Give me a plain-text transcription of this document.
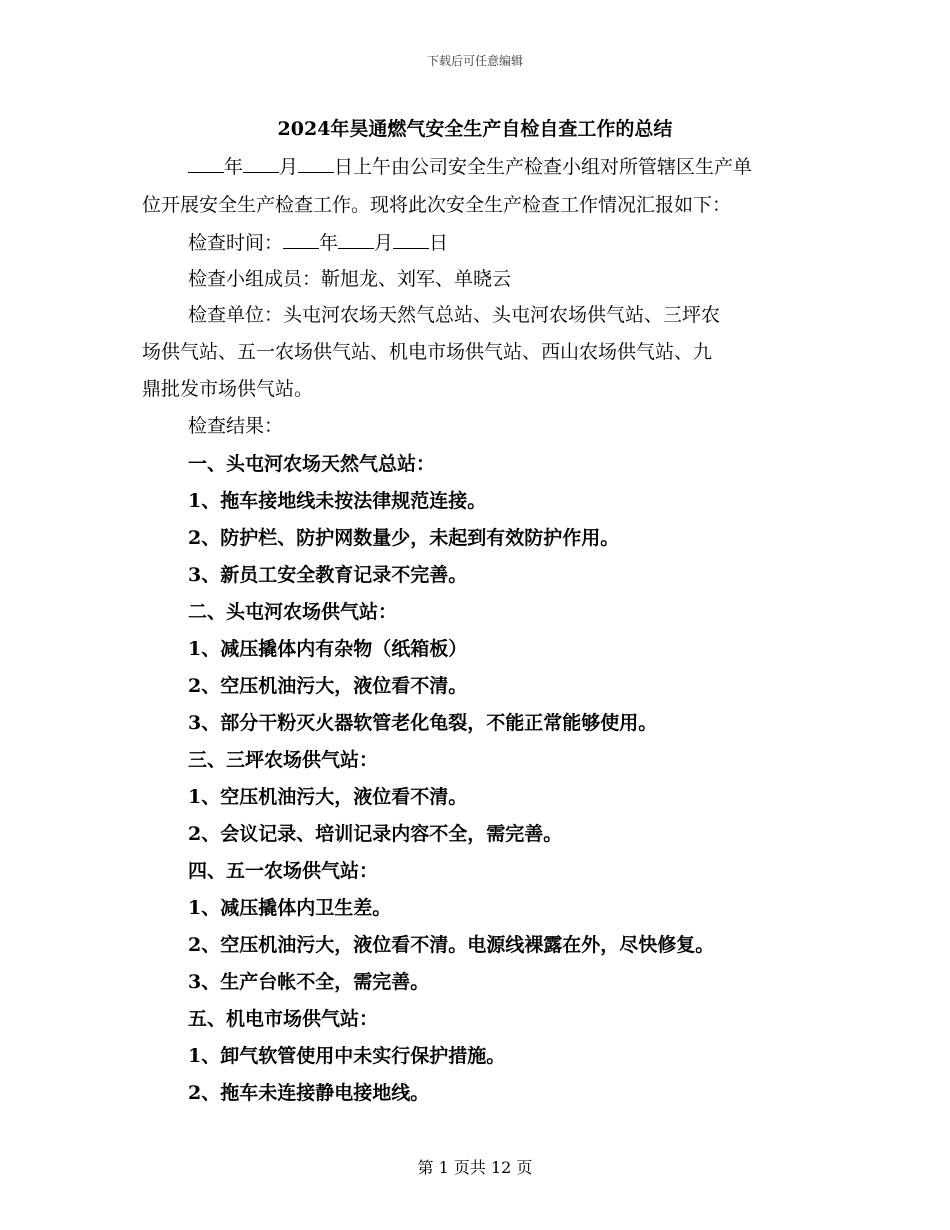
下载后可任意编辑
2024年昊通燃气安全生产自检自查工作的总结
年 月 日上午由公司安全生产检查小组对所管辖区生产单
位开展安全生产检查工作。现将此次安全生产检查工作情况汇报如下：
检查时间： 年 月 日
检查小组成员：靳旭龙、刘军、单晓云
检查单位：头屯河农场天然气总站、头屯河农场供气站、三坪农
场供气站、五一农场供气站、机电市场供气站、西山农场供气站、九
鼎批发市场供气站。
检查结果：
一、头屯河农场天然气总站：
1、拖车接地线未按法律规范连接。
2、防护栏、防护网数量少，未起到有效防护作用。
3、新员工安全教育记录不完善。
二、头屯河农场供气站：
1、减压撬体内有杂物（纸箱板）
2、空压机油污大，液位看不清。
3、部分干粉灭火器软管老化龟裂，不能正常能够使用。
三、三坪农场供气站：
1、空压机油污大，液位看不清。
2、会议记录、培训记录内容不全，需完善。
四、五一农场供气站：
1、减压撬体内卫生差。
2、空压机油污大，液位看不清。电源线裸露在外，尽快修复。
3、生产台帐不全，需完善。
五、机电市场供气站：
1、卸气软管使用中未实行保护措施。
2、拖车未连接静电接地线。
第 1 页共 12 页
